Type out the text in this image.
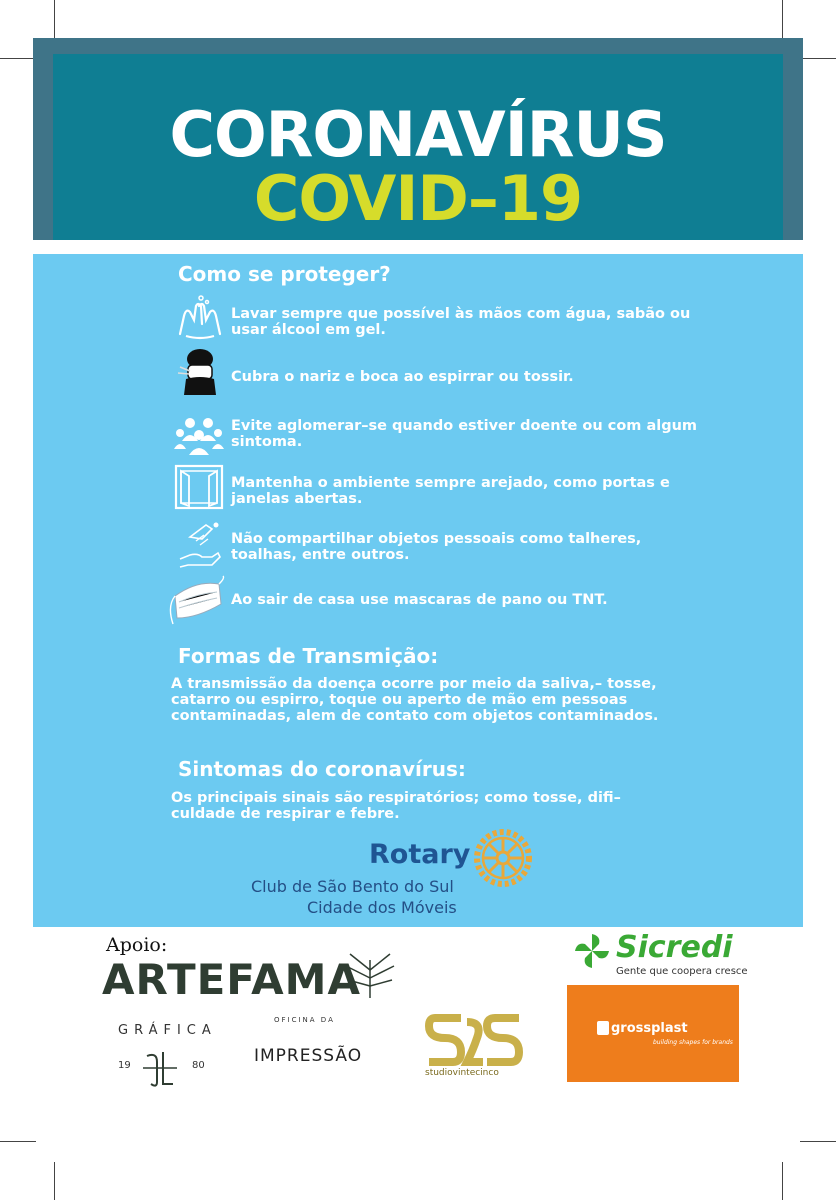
CORONAVÍRUS
COVID–19
Como se proteger?
Lavar sempre que possível às mãos com água, sabão ou usar álcool em gel.
Cubra o nariz e boca ao espirrar ou tossir.
Evite aglomerar–se quando estiver doente ou com algum sintoma.
Mantenha o ambiente sempre arejado, como portas e janelas abertas.
Não compartilhar objetos pessoais como talheres, toalhas, entre outros.
Ao sair de casa use mascaras de pano ou TNT.
Formas de Transmição:
A transmissão da doença ocorre por meio da saliva,– tosse, catarro ou espirro, toque ou aperto de mão em pessoas contaminadas, alem de contato com objetos contaminados.
Sintomas do coronavírus:
Os principais sinais são respiratórios; como tosse, difi– culdade de respirar e febre.
Rotary
Club de São Bento do Sul
Cidade dos Móveis
Apoio:
ARTEFAMA
GRÁFICA
19	80
OFICINA DA
IMPRESSÃO
studiovintecinco
Sicredi
Gente que coopera cresce
grossplast
building shapes for brands
